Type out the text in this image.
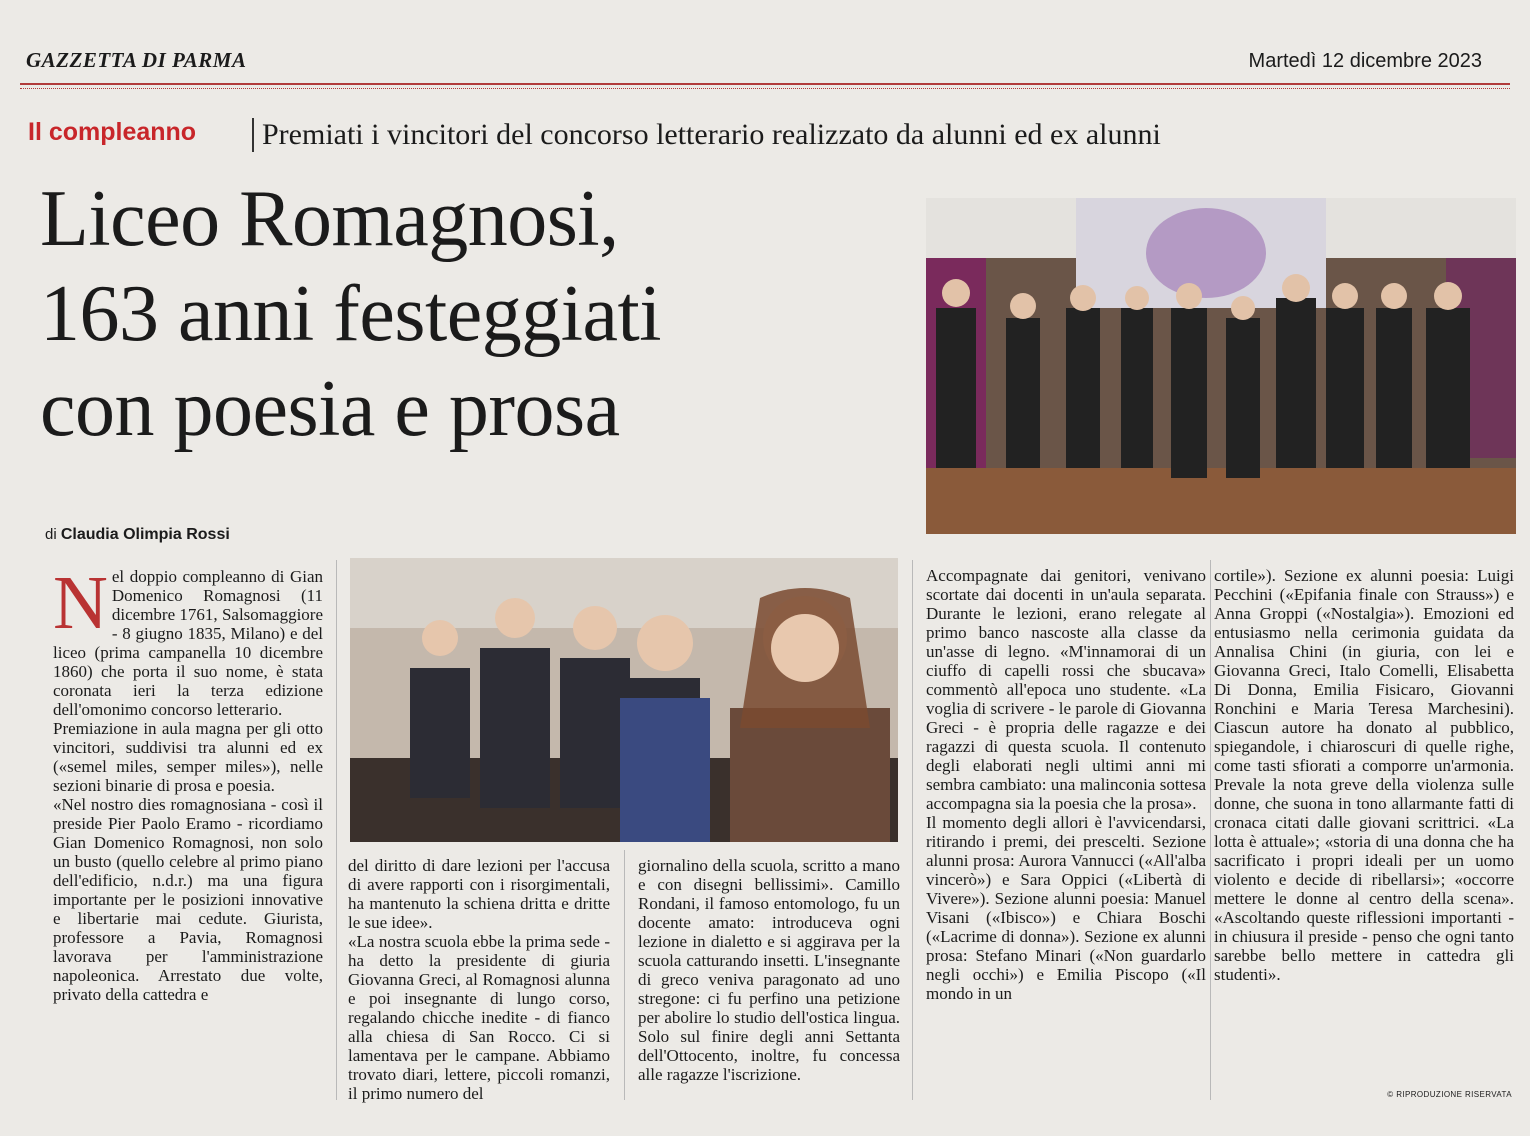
GAZZETTA DI PARMA	Martedì 12 dicembre 2023
Il compleanno Premiati i vincitori del concorso letterario realizzato da alunni ed ex alunni
Liceo Romagnosi,
163 anni festeggiati
con poesia e prosa
di Claudia Olimpia Rossi
N el doppio compleanno di Gian Domenico Romagnosi (11 dicembre 1761, Salsomaggiore - 8 giugno 1835, Milano) e del liceo (prima campanella 10 dicembre 1860) che porta il suo nome, è stata coronata ieri la terza edizione dell'omonimo concorso letterario.

Premiazione in aula magna per gli otto vincitori, suddivisi tra alunni ed ex («semel miles, semper miles»), nelle sezioni binarie di prosa e poesia.

«Nel nostro dies romagnosiana - così il preside Pier Paolo Eramo - ricordiamo Gian Domenico Romagnosi, non solo un busto (quello celebre al primo piano dell'edificio, n.d.r.) ma una figura importante per le posizioni innovative e libertarie mai cedute. Giurista, professore a Pavia, Romagnosi lavorava per l'amministrazione napoleonica. Arrestato due volte, privato della cattedra e

del diritto di dare lezioni per l'accusa di avere rapporti con i risorgimentali, ha mantenuto la schiena dritta e dritte le sue idee».

«La nostra scuola ebbe la prima sede - ha detto la presidente di giuria Giovanna Greci, al Romagnosi alunna e poi insegnante di lungo corso, regalando chicche inedite - di fianco alla chiesa di San Rocco. Ci si lamentava per le campane. Abbiamo trovato diari, lettere, piccoli romanzi, il primo numero del

giornalino della scuola, scritto a mano e con disegni bellissimi». Camillo Rondani, il famoso entomologo, fu un docente amato: introduceva ogni lezione in dialetto e si aggirava per la scuola catturando insetti. L'insegnante di greco veniva paragonato ad uno stregone: ci fu perfino una petizione per abolire lo studio dell'ostica lingua. Solo sul finire degli anni Settanta dell'Ottocento, inoltre, fu concessa alle ragazze l'iscrizione.

Accompagnate dai genitori, venivano scortate dai docenti in un'aula separata. Durante le lezioni, erano relegate al primo banco nascoste alla classe da un'asse di legno. «M'innamorai di un ciuffo di capelli rossi che sbucava» commentò all'epoca uno studente. «La voglia di scrivere - le parole di Giovanna Greci - è propria delle ragazze e dei ragazzi di questa scuola. Il contenuto degli elaborati negli ultimi anni mi sembra cambiato: una malinconia sottesa accompagna sia la poesia che la prosa».

Il momento degli allori è l'avvicendarsi, ritirando i premi, dei prescelti. Sezione alunni prosa: Aurora Vannucci («All'alba vincerò») e Sara Oppici («Libertà di Vivere»). Sezione alunni poesia: Manuel Visani («Ibisco») e Chiara Boschi («Lacrime di donna»). Sezione ex alunni prosa: Stefano Minari («Non guardarlo negli occhi») e Emilia Piscopo («Il mondo in un

cortile»). Sezione ex alunni poesia: Luigi Pecchini («Epifania finale con Strauss») e Anna Groppi («Nostalgia»). Emozioni ed entusiasmo nella cerimonia guidata da Annalisa Chini (in giuria, con lei e Giovanna Greci, Italo Comelli, Elisabetta Di Donna, Emilia Fisicaro, Giovanni Ronchini e Maria Teresa Marchesini). Ciascun autore ha donato al pubblico, spiegandole, i chiaroscuri di quelle righe, come tasti sfiorati a comporre un'armonia. Prevale la nota greve della violenza sulle donne, che suona in tono allarmante fatti di cronaca citati dalle giovani scrittrici. «La lotta è attuale»; «storia di una donna che ha sacrificato i propri ideali per un uomo violento e decide di ribellarsi»; «occorre mettere le donne al centro della scena». «Ascoltando queste riflessioni importanti - in chiusura il preside - penso che ogni tanto sarebbe bello mettere in cattedra gli studenti».

© RIPRODUZIONE RISERVATA
